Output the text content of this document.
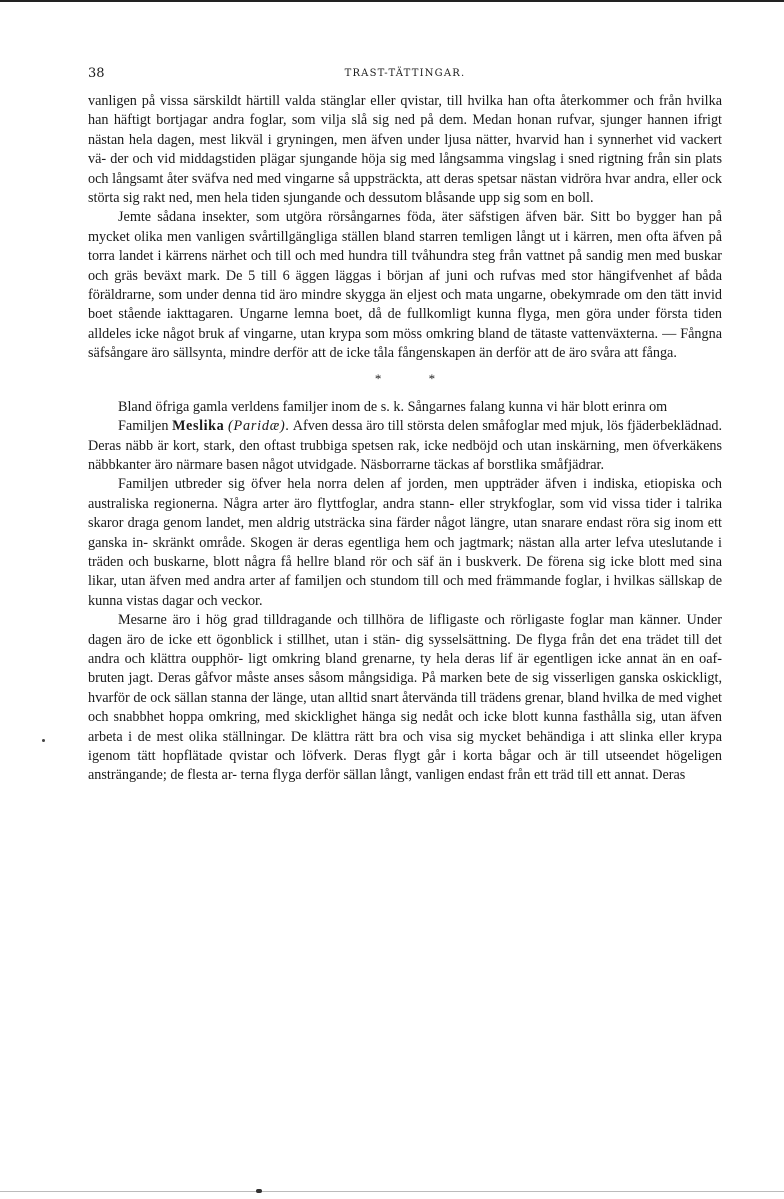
38	TRAST-TÄTTINGAR.

vanligen på vissa särskildt härtill valda stänglar eller qvistar, till hvilka han ofta återkommer och från hvilka han häftigt bortjagar andra foglar, som vilja slå sig ned på dem. Medan honan rufvar, sjunger hannen ifrigt nästan hela dagen, mest likväl i gryningen, men äfven under ljusa nätter, hvarvid han i synnerhet vid vackert vä- der och vid middagstiden plägar sjungande höja sig med långsamma vingslag i sned rigtning från sin plats och långsamt åter sväfva ned med vingarne så uppsträckta, att deras spetsar nästan vidröra hvar andra, eller ock störta sig rakt ned, men hela tiden sjungande och dessutom blåsande upp sig som en boll.

Jemte sådana insekter, som utgöra rörsångarnes föda, äter säfstigen äfven bär. Sitt bo bygger han på mycket olika men vanligen svårtillgängliga ställen bland starren temligen långt ut i kärren, men ofta äfven på torra landet i kärrens närhet och till och med hundra till tvåhundra steg från vattnet på sandig men med buskar och gräs beväxt mark. De 5 till 6 äggen läggas i början af juni och rufvas med stor hängifvenhet af båda föräldrarne, som under denna tid äro mindre skygga än eljest och mata ungarne, obekymrade om den tätt invid boet stående iakttagaren. Ungarne lemna boet, då de fullkomligt kunna flyga, men göra under första tiden alldeles icke något bruk af vingarne, utan krypa som möss omkring bland de tätaste vattenväxterna. — Fångna säfsångare äro sällsynta, mindre derför att de icke tåla fångenskapen än derför att de äro svåra att fånga.

* *

Bland öfriga gamla verldens familjer inom de s. k. Sångarnes falang kunna vi här blott erinra om

Familjen Meslika (Paridæ). Afven dessa äro till största delen småfoglar med mjuk, lös fjäderbeklädnad. Deras näbb är kort, stark, den oftast trubbiga spetsen rak, icke nedböjd och utan inskärning, men öfverkäkens näbbkanter äro närmare basen något utvidgade. Näsborrarne täckas af borstlika småfjädrar.

Familjen utbreder sig öfver hela norra delen af jorden, men uppträder äfven i indiska, etiopiska och australiska regionerna. Några arter äro flyttfoglar, andra stann- eller strykfoglar, som vid vissa tider i talrika skaror draga genom landet, men aldrig utsträcka sina färder något längre, utan snarare endast röra sig inom ett ganska in- skränkt område. Skogen är deras egentliga hem och jagtmark; nästan alla arter lefva uteslutande i träden och buskarne, blott några få hellre bland rör och säf än i buskverk. De förena sig icke blott med sina likar, utan äfven med andra arter af familjen och stundom till och med främmande foglar, i hvilkas sällskap de kunna vistas dagar och veckor.

Mesarne äro i hög grad tilldragande och tillhöra de lifligaste och rörligaste foglar man känner. Under dagen äro de icke ett ögonblick i stillhet, utan i stän- dig sysselsättning. De flyga från det ena trädet till det andra och klättra oupphör- ligt omkring bland grenarne, ty hela deras lif är egentligen icke annat än en oaf- bruten jagt. Deras gåfvor måste anses såsom mångsidiga. På marken bete de sig visserligen ganska oskickligt, hvarför de ock sällan stanna der länge, utan alltid snart återvända till trädens grenar, bland hvilka de med vighet och snabbhet hoppa omkring, med skicklighet hänga sig nedåt och icke blott kunna fasthålla sig, utan äfven arbeta i de mest olika ställningar. De klättra rätt bra och visa sig mycket behändiga i att slinka eller krypa igenom tätt hopflätade qvistar och löfverk. Deras flygt går i korta bågar och är till utseendet högeligen ansträngande; de flesta ar- terna flyga derför sällan långt, vanligen endast från ett träd till ett annat. Deras
